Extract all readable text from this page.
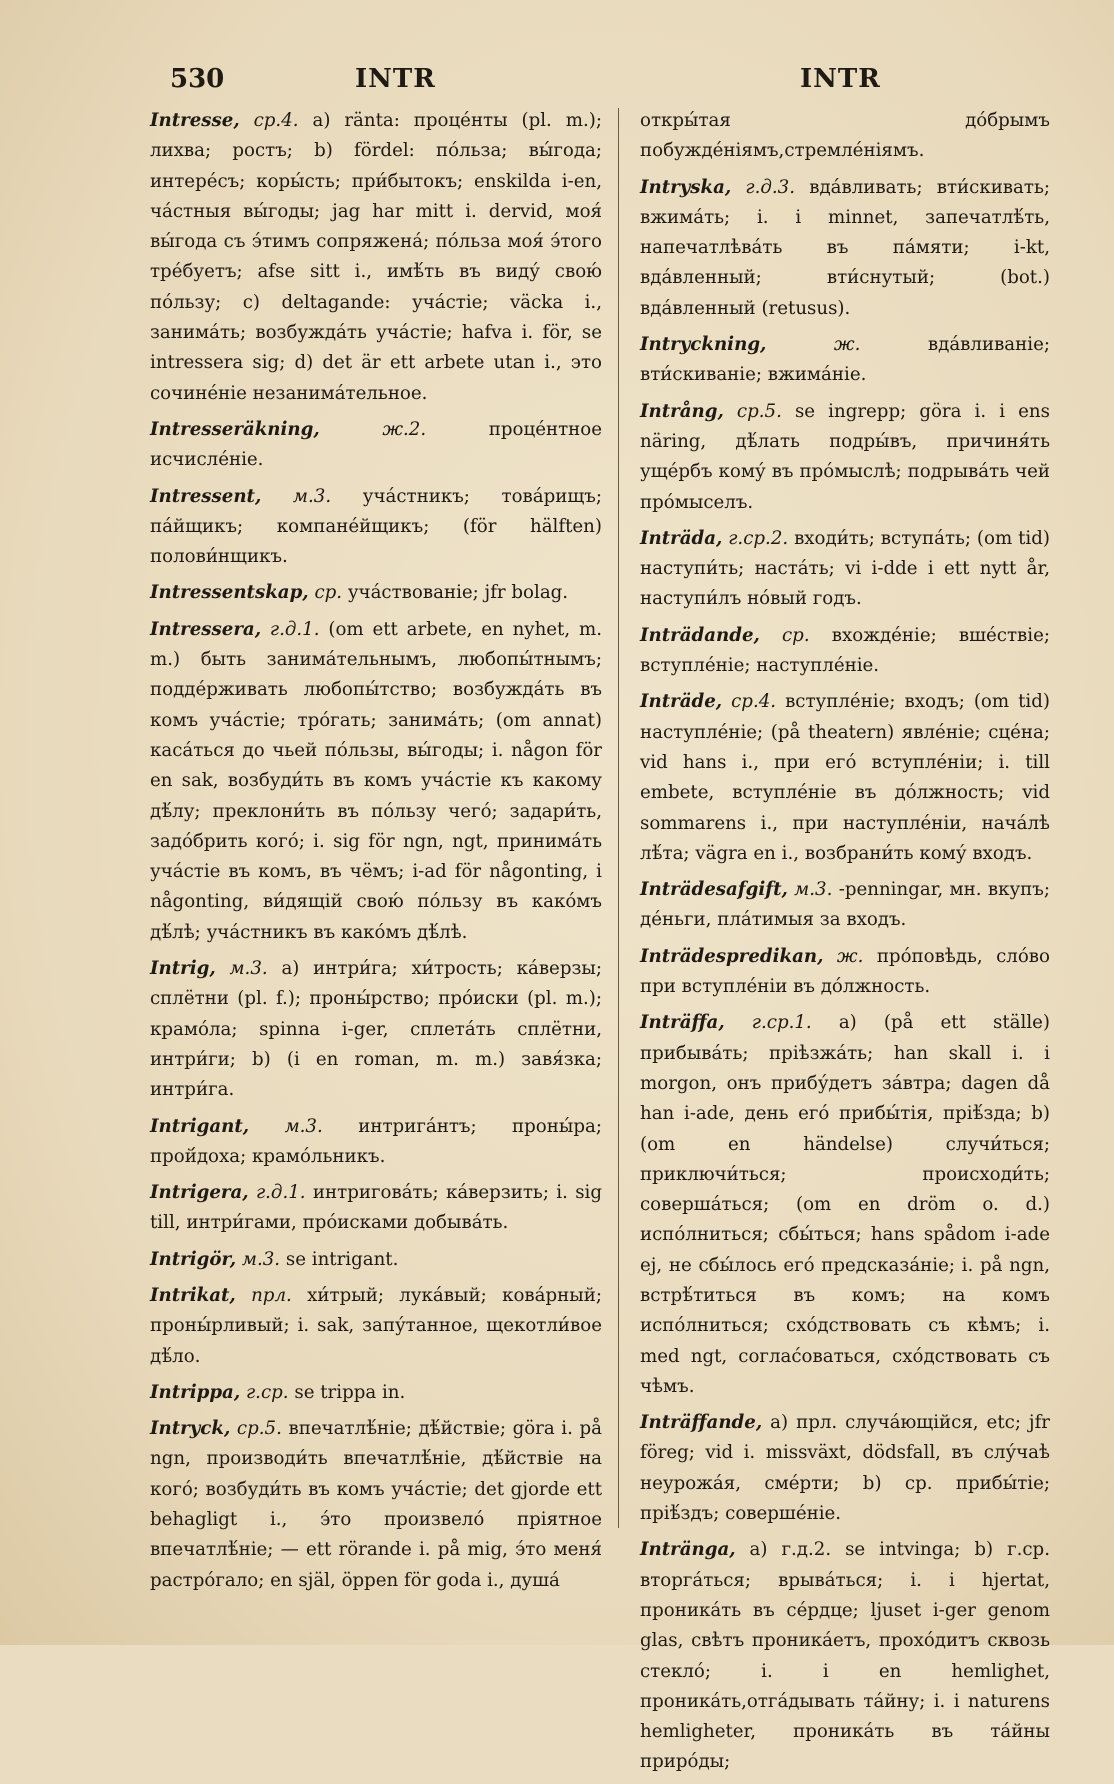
530	INTR	INTR

Intresse, ср.4. a) ränta: проце́нты (pl. m.); лихва; ростъ; b) fördel: по́льза; вы́года; интере́съ; коры́сть; при́бытокъ; enskilda i-en, ча́стныя вы́годы; jag har mitt i. dervid, моя́ вы́года съ э́тимъ сопряжена́; по́льза моя́ э́того тре́буетъ; afse sitt i., имѣ́ть въ виду́ свою́ по́льзу; c) deltagande: уча́стіе; väcka i., занима́ть; возбужда́ть уча́стіе; hafva i. för, se intressera sig; d) det är ett arbete utan i., это сочине́ніе незанима́тельное.

Intresseräkning,	ж.2.	проце́нтное исчисле́ніе.

Intressent, м.3. уча́стникъ; това́рищъ; па́йщикъ; компане́йщикъ; (för hälften) полови́нщикъ.

Intressentskap, ср. уча́ствованіе; jfr bolag.

Intressera, г.д.1. (om ett arbete, en nyhet, m. m.) быть занима́тельнымъ, любопы́тнымъ; подде́рживать любопы́тство; возбужда́ть въ комъ уча́стіе; тро́гать; занима́ть; (om annat) каса́ться до чьей по́льзы, вы́годы; i. någon för en sak, возбуди́ть въ комъ уча́стіе къ какому дѣ́лу; преклони́ть въ по́льзу чего́; задари́ть, задо́брить кого́; i. sig för ngn, ngt, принима́ть уча́стіе въ комъ, въ чёмъ; i-ad för någonting, i någonting, ви́дящій свою́ по́льзу въ како́мъ дѣ́лѣ; уча́стникъ въ како́мъ дѣ́лѣ.

Intrig, м.3. a) интри́га; хи́трость; ка́верзы; сплётни (pl. f.); проны́рство; про́иски (pl. m.); крамо́ла; spinna i-ger, сплета́ть сплётни, интри́ги; b) (i en roman, m. m.) завя́зка; интри́га.

Intrigant, м.3. интрига́нтъ; проны́ра; прой́доха; крамо́льникъ.

Intrigera, г.д.1. интригова́ть; ка́верзить; i. sig till, интри́гами, про́исками добыва́ть.

Intrigör, м.3. se intrigant.

Intrikat, прл. хи́трый; лука́вый; кова́рный; проны́рливый; i. sak, запу́танное, щекотли́вое дѣ́ло.

Intrippa, г.ср. se trippa in.

Intryck, ср.5. впечатлѣ́ніе; дѣ́йствіе; göra i. på ngn, производи́ть впечатлѣ́ніе, дѣ́йствіе на кого́; возбуди́ть въ комъ уча́стіе; det gjorde ett behagligt i., э́то произвело́ пріятное впечатлѣ́ніе; — ett rörande i. på mig, э́то меня́ растро́гало; en själ, öppen för goda i., душа́

откры́тая до́брымъ побужде́ніямъ,стремле́ніямъ.

Intryska, г.д.3. вда́вливать; вти́скивать; вжима́ть; i. i minnet, запечатлѣ́ть, напечатлѣва́ть въ па́мяти; i-kt, вда́вленный; вти́снутый; (bot.) вда́вленный (retusus).

Intryckning,	ж.	вда́вливаніе; вти́скиваніе; вжима́ніе.

Intrång, ср.5. se ingrepp; göra i. i ens näring, дѣ́лать подры́въ, причиня́ть уще́рбъ кому́ въ про́мыслѣ; подрыва́ть чей про́мыселъ.

Inträda, г.ср.2. входи́ть; вступа́ть; (om tid) наступи́ть; наста́ть; vi i-dde i ett nytt år, наступи́лъ но́вый годъ.

Inträdande, ср. вхожде́ніе; вше́ствіе; вступле́ніе; наступле́ніе.

Inträde, ср.4. вступле́ніе; входъ; (om tid) наступле́ніе; (på theatern) явле́ніе; сце́на; vid hans i., при его́ вступле́ніи; i. till embete, вступле́ніе въ до́лжность; vid sommarens i., при наступле́ніи, нача́лѣ лѣ́та; vägra en i., возбрани́ть кому́ входъ.

Inträdesafgift, м.3. -penningar, мн. вкупъ; де́ньги, пла́тимыя за входъ.

Inträdespredikan, ж. про́повѣдь, сло́во при вступле́ніи въ до́лжность.

Inträffa, г.ср.1. a) (på ett ställe) прибыва́ть; пріѣзжа́ть; han skall i. i morgon, онъ прибу́детъ за́втра; dagen då han i-ade, день его́ прибы́тія, пріѣ́зда; b) (om en händelse) случи́ться; приключи́ться; происходи́ть; соверша́ться; (om en dröm o. d.) испо́лниться; сбы́ться; hans spådom i-ade ej, не сбы́лось его́ предсказа́ніе; i. på ngn, встрѣ́титься въ комъ; на комъ испо́лниться; схо́дствовать съ кѣмъ; i. med ngt, соглас́оваться, схо́дствовать съ чѣмъ.

Inträffande, a) прл. случа́ющійся, etc; jfr föreg; vid i. missväxt, dödsfall, въ слу́чаѣ неурожа́я, сме́рти; b) ср. прибы́тіе; пріѣ́здъ; соверше́ніе.

Intränga, a) г.д.2. se intvinga; b) г.ср. вторга́ться; врыва́ться; i. i hjertat, проника́ть въ се́рдце; ljuset i-ger genom glas, свѣтъ проника́етъ, прохо́дитъ сквозь стекло́; i. i en hemlighet, проника́ть,отга́дывать та́йну; i. i naturens hemligheter, проника́ть въ та́йны приро́ды;
